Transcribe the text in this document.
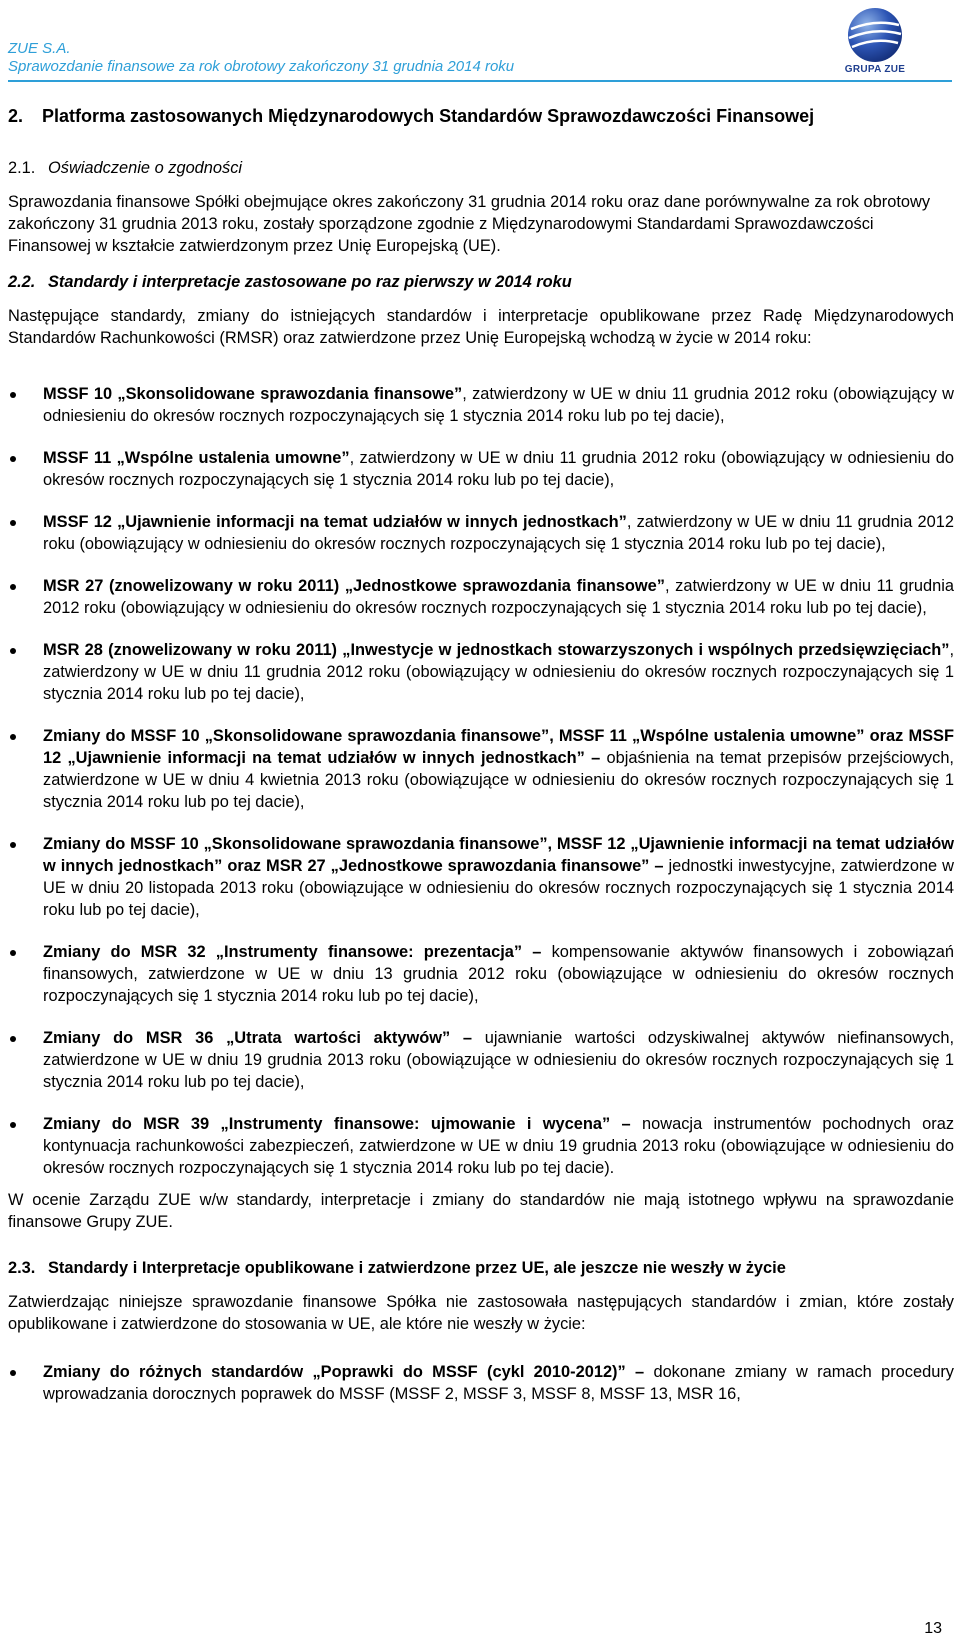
ZUE S.A.
Sprawozdanie finansowe za rok obrotowy zakończony 31 grudnia 2014 roku	GRUPA ZUE
2.	Platforma zastosowanych Międzynarodowych Standardów Sprawozdawczości Finansowej
2.1. Oświadczenie o zgodności

Sprawozdania finansowe Spółki obejmujące okres zakończony 31 grudnia 2014 roku oraz dane porównywalne za rok obrotowy zakończony 31 grudnia 2013 roku, zostały sporządzone zgodnie z Międzynarodowymi Standardami Sprawozdawczości Finansowej w kształcie zatwierdzonym przez Unię Europejską (UE).

2.2. Standardy i interpretacje zastosowane po raz pierwszy w 2014 roku

Następujące standardy, zmiany do istniejących standardów i interpretacje opublikowane przez Radę Międzynarodowych Standardów Rachunkowości (RMSR) oraz zatwierdzone przez Unię Europejską wchodzą w życie w 2014 roku:

MSSF 10 „Skonsolidowane sprawozdania finansowe”, zatwierdzony w UE w dniu 11 grudnia 2012 roku (obowiązujący w odniesieniu do okresów rocznych rozpoczynających się 1 stycznia 2014 roku lub po tej dacie),
MSSF 11 „Wspólne ustalenia umowne”, zatwierdzony w UE w dniu 11 grudnia 2012 roku (obowiązujący w odniesieniu do okresów rocznych rozpoczynających się 1 stycznia 2014 roku lub po tej dacie),
MSSF 12 „Ujawnienie informacji na temat udziałów w innych jednostkach”, zatwierdzony w UE w dniu 11 grudnia 2012 roku (obowiązujący w odniesieniu do okresów rocznych rozpoczynających się 1 stycznia 2014 roku lub po tej dacie),
MSR 27 (znowelizowany w roku 2011) „Jednostkowe sprawozdania finansowe”, zatwierdzony w UE w dniu 11 grudnia 2012 roku (obowiązujący w odniesieniu do okresów rocznych rozpoczynających się 1 stycznia 2014 roku lub po tej dacie),
MSR 28 (znowelizowany w roku 2011) „Inwestycje w jednostkach stowarzyszonych i wspólnych przedsięwzięciach”, zatwierdzony w UE w dniu 11 grudnia 2012 roku (obowiązujący w odniesieniu do okresów rocznych rozpoczynających się 1 stycznia 2014 roku lub po tej dacie),
Zmiany do MSSF 10 „Skonsolidowane sprawozdania finansowe”, MSSF 11 „Wspólne ustalenia umowne” oraz MSSF 12 „Ujawnienie informacji na temat udziałów w innych jednostkach” – objaśnienia na temat przepisów przejściowych, zatwierdzone w UE w dniu 4 kwietnia 2013 roku (obowiązujące w odniesieniu do okresów rocznych rozpoczynających się 1 stycznia 2014 roku lub po tej dacie),
Zmiany do MSSF 10 „Skonsolidowane sprawozdania finansowe”, MSSF 12 „Ujawnienie informacji na temat udziałów w innych jednostkach” oraz MSR 27 „Jednostkowe sprawozdania finansowe” – jednostki inwestycyjne, zatwierdzone w UE w dniu 20 listopada 2013 roku (obowiązujące w odniesieniu do okresów rocznych rozpoczynających się 1 stycznia 2014 roku lub po tej dacie),
Zmiany do MSR 32 „Instrumenty finansowe: prezentacja” – kompensowanie aktywów finansowych i zobowiązań finansowych, zatwierdzone w UE w dniu 13 grudnia 2012 roku (obowiązujące w odniesieniu do okresów rocznych rozpoczynających się 1 stycznia 2014 roku lub po tej dacie),
Zmiany do MSR 36 „Utrata wartości aktywów” – ujawnianie wartości odzyskiwalnej aktywów niefinansowych, zatwierdzone w UE w dniu 19 grudnia 2013 roku (obowiązujące w odniesieniu do okresów rocznych rozpoczynających się 1 stycznia 2014 roku lub po tej dacie),
Zmiany do MSR 39 „Instrumenty finansowe: ujmowanie i wycena” – nowacja instrumentów pochodnych oraz kontynuacja rachunkowości zabezpieczeń, zatwierdzone w UE w dniu 19 grudnia 2013 roku (obowiązujące w odniesieniu do okresów rocznych rozpoczynających się 1 stycznia 2014 roku lub po tej dacie).

W ocenie Zarządu ZUE w/w standardy, interpretacje i zmiany do standardów nie mają istotnego wpływu na sprawozdanie finansowe Grupy ZUE.

2.3. Standardy i Interpretacje opublikowane i zatwierdzone przez UE, ale jeszcze nie weszły w życie

Zatwierdzając niniejsze sprawozdanie finansowe Spółka nie zastosowała następujących standardów i zmian, które zostały opublikowane i zatwierdzone do stosowania w UE, ale które nie weszły w życie:

Zmiany do różnych standardów „Poprawki do MSSF (cykl 2010-2012)” – dokonane zmiany w ramach procedury wprowadzania dorocznych poprawek do MSSF (MSSF 2, MSSF 3, MSSF 8, MSSF 13, MSR 16,
13
